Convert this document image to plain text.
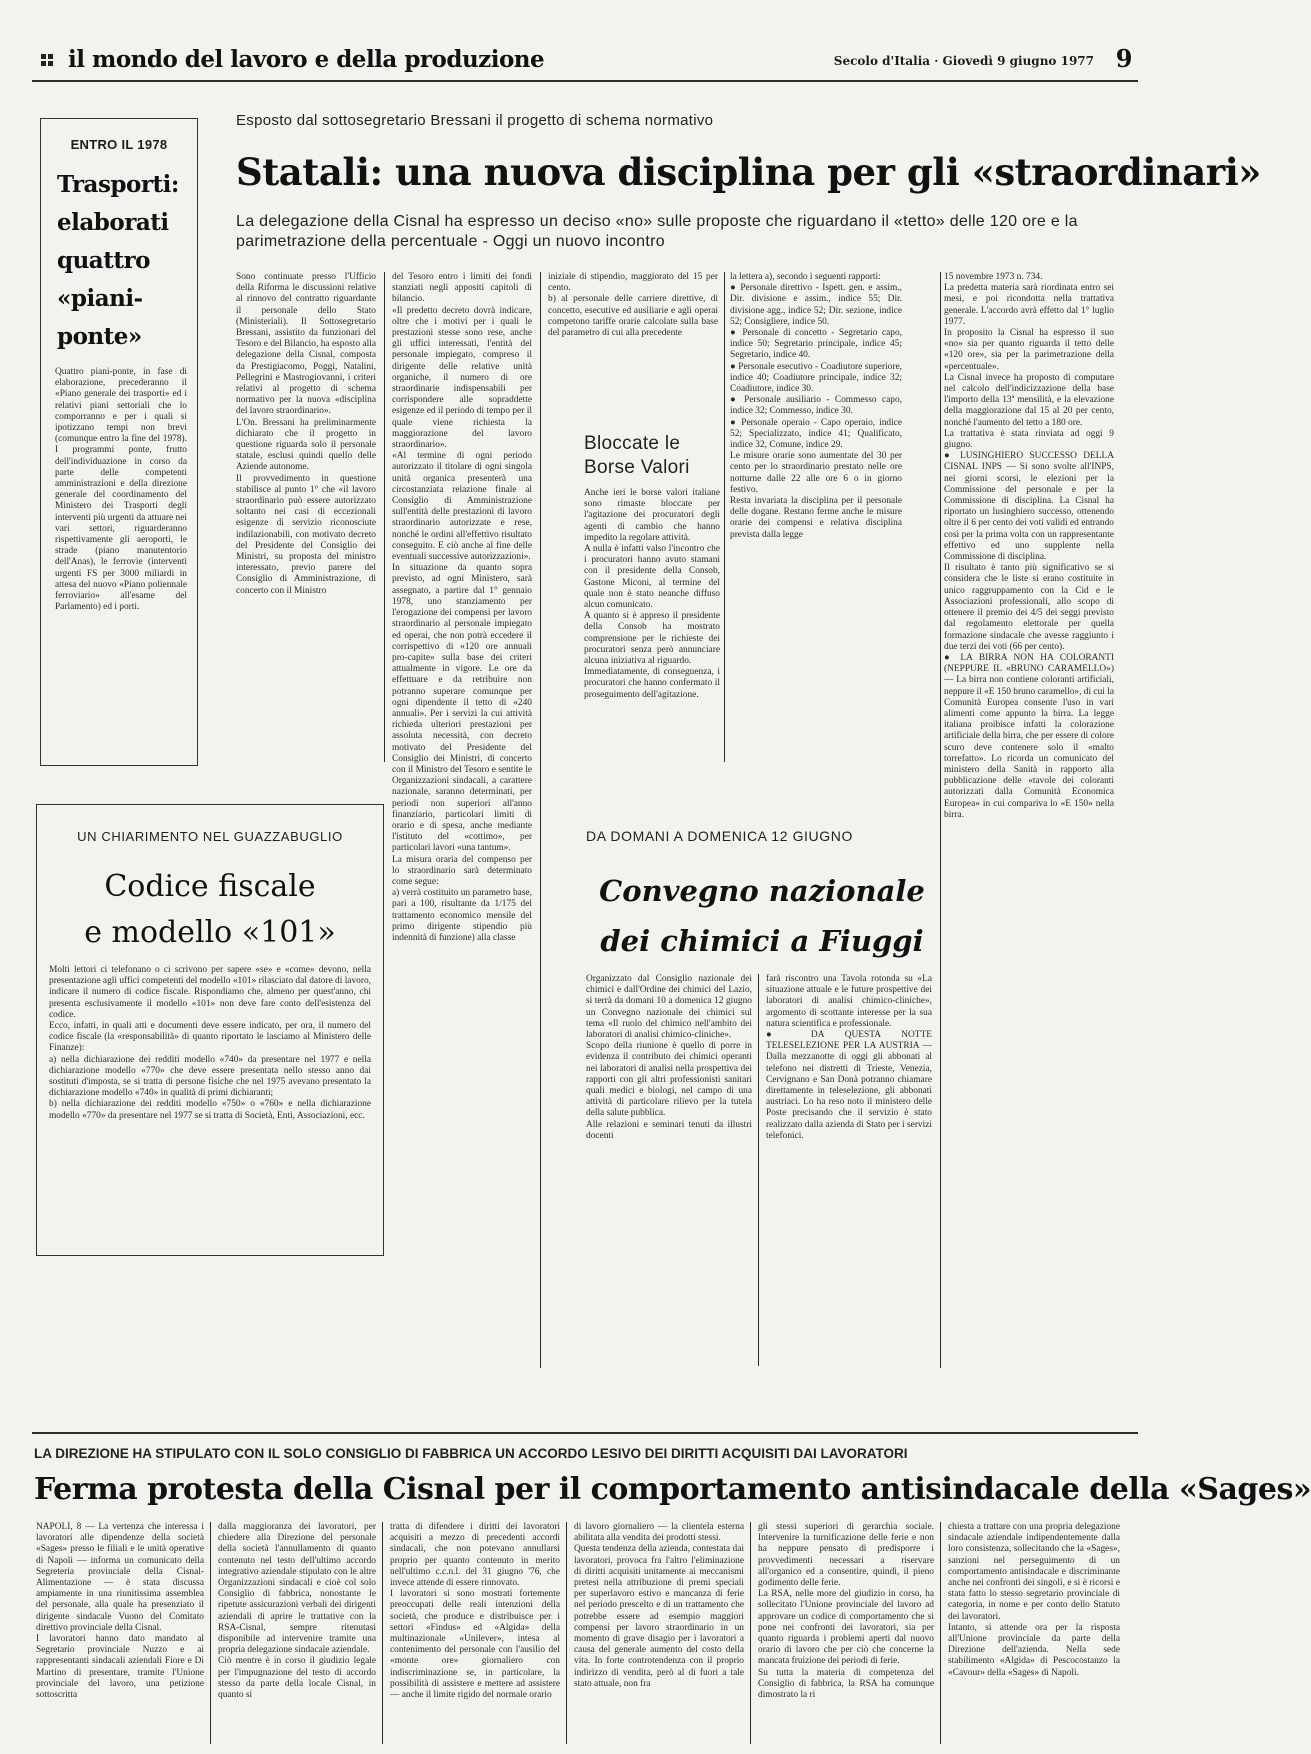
il mondo del lavoro e della produzione	Secolo d'Italia · Giovedì 9 giugno 1977 9
ENTRO IL 1978
Trasporti:
elaborati
quattro
«piani-
ponte»
Quattro piani-ponte, in fase di elaborazione, precederanno il «Piano generale dei trasporti» ed i relativi piani settoriali che lo comporranno e per i quali si ipotizzano tempi non brevi (comunque entro la fine del 1978). I programmi ponte, frutto dell'individuazione in corso da parte delle competenti amministrazioni e della direzione generale del coordinamento del Ministero dei Trasporti degli interventi più urgenti da attuare nei vari settori, riguarderanno rispettivamente gli aeroporti, le strade (piano manutentorio dell'Anas), le ferrovie (interventi urgenti FS per 3000 miliardi in attesa del nuovo «Piano poliennale ferroviario» all'esame del Parlamento) ed i porti.
Esposto dal sottosegretario Bressani il progetto di schema normativo
Statali: una nuova disciplina per gli «straordinari»
La delegazione della Cisnal ha espresso un deciso «no» sulle proposte che riguardano il «tetto» delle 120 ore e la parimetrazione della percentuale - Oggi un nuovo incontro
Sono continuate presso l'Ufficio della Riforma le discussioni relative al rinnovo del contratto riguardante il personale dello Stato (Ministeriali). Il Sottosegretario Bressani, assistito da funzionari del Tesoro e del Bilancio, ha esposto alla delegazione della Cisnal, composta da Prestigiacomo, Poggi, Natalini, Pellegrini e Mastrogiovanni, i criteri relativi al progetto di schema normativo per la nuova «disciplina del lavoro straordinario».
L'On. Bressani ha preliminarmente dichiarato che il progetto in questione riguarda solo il personale statale, esclusi quindi quello delle Aziende autonome.
Il provvedimento in questione stabilisce al punto 1° che «il lavoro straordinario può essere autorizzato soltanto nei casi di eccezionali esigenze di servizio riconosciute indilazionabili, con motivato decreto del Presidente del Consiglio dei Ministri, su proposta del ministro interessato, previo parere del Consiglio di Amministrazione, di concerto con il Ministro
del Tesoro entro i limiti dei fondi stanziati negli appositi capitoli di bilancio.
«Il predetto decreto dovrà indicare, oltre che i motivi per i quali le prestazioni stesse sono rese, anche gli uffici interessati, l'entità del personale impiegato, compreso il dirigente delle relative unità organiche, il numero di ore straordinarie indispensabili per corrispondere alle sopraddette esigenze ed il periodo di tempo per il quale viene richiesta la maggiorazione del lavoro straordinario».
«Al termine di ogni periodo autorizzato il titolare di ogni singola unità organica presenterà una circostanziata relazione finale al Consiglio di Amministrazione sull'entità delle prestazioni di lavoro straordinario autorizzate e rese, nonché le ordini all'effettivo risultato conseguito. E ciò anche al fine delle eventuali successive autorizzazioni».
In situazione da quanto sopra previsto, ad ogni Ministero, sarà assegnato, a partire dal 1° gennaio 1978, uno stanziamento per l'erogazione dei compensi per lavoro straordinario al personale impiegato ed operai, che non potrà eccedere il corrispettivo di «120 ore annuali pro-capite» sulla base dei criteri attualmente in vigore. Le ore da effettuare e da retribuire non potranno superare comunque per ogni dipendente il tetto di «240 annuali». Per i servizi la cui attività richieda ulteriori prestazioni per assoluta necessità, con decreto motivato del Presidente del Consiglio dei Ministri, di concerto con il Ministro del Tesoro e sentite le Organizzazioni sindacali, a carattere nazionale, saranno determinati, per periodi non superiori all'anno finanziario, particolari limiti di orario e di spesa, anche mediante l'istituto del «cottimo», per particolari lavori «una tantum».
La misura oraria del compenso per lo straordinario sarà determinato come segue:
a) verrà costituito un parametro base, pari a 100, risultante da 1/175 del trattamento economico mensile del primo dirigente stipendio più indennità di funzione) alla classe
iniziale di stipendio, maggiorato del 15 per cento.
b) al personale delle carriere direttive, di concetto, esecutive ed ausiliarie e agli operai competono tariffe orarie calcolate sulla base del parametro di cui alla precedente
la lettera a), secondo i seguenti rapporti:
● Personale direttivo - Ispett. gen. e assim., Dir. divisione e assim., indice 55; Dir. divisione agg., indice 52; Dir. sezione, indice 52; Consigliere, indice 50.
● Personale di concetto - Segretario capo, indice 50; Segretario principale, indice 45; Segretario, indice 40.
● Personale esecutivo - Coadiutore superiore, indice 40; Coadiutore principale, indice 32; Coadiutore, indice 30.
● Personale ausiliario - Commesso capo, indice 32; Commesso, indice 30.
● Personale operaio - Capo operaio, indice 52; Specializzato, indice 41; Qualificato, indice 32, Comune, indice 29.
Le misure orarie sono aumentate del 30 per cento per lo straordinario prestato nelle ore notturne dalle 22 alle ore 6 o in giorno festivo.
Resta invariata la disciplina per il personale delle dogane. Restano ferme anche le misure orarie dei compensi e relativa disciplina prevista dalla legge
Bloccate le Borse Valori
Anche ieri le borse valori italiane sono rimaste bloccate per l'agitazione dei procuratori degli agenti di cambio che hanno impedito la regolare attività.
A nulla è infatti valso l'incontro che i procuratori hanno avuto stamani con il presidente della Consob, Gastone Miconi, al termine del quale non è stato neanche diffuso alcun comunicato.
A quanto si è appreso il presidente della Consob ha mostrato comprensione per le richieste dei procuratori senza però annunciare alcuna iniziativa al riguardo.
Immediatamente, di conseguenza, i procuratori che hanno confermato il proseguimento dell'agitazione.
15 novembre 1973 n. 734.
La predetta materia sarà riordinata entro sei mesi, e poi ricondotta nella trattativa generale. L'accordo avrà effetto dal 1° luglio 1977.
In proposito la Cisnal ha espresso il suo «no» sia per quanto riguarda il tetto delle «120 ore», sia per la parimetrazione della «percentuale».
La Cisnal invece ha proposto di computare nel calcolo dell'indicizzazione della base l'importo della 13ª mensilità, e la elevazione della maggiorazione dal 15 al 20 per cento, nonché l'aumento del tetto a 180 ore.
La trattativa è stata rinviata ad oggi 9 giugno.
● LUSINGHIERO SUCCESSO DELLA CISNAL INPS — Si sono svolte all'INPS, nei giorni scorsi, le elezioni per la Commissione del personale e per la Commissione di disciplina. La Cisnal ha riportato un lusinghiero successo, ottenendo oltre il 6 per cento dei voti validi ed entrando così per la prima volta con un rappresentante effettivo ed uno supplente nella Commissione di disciplina.
Il risultato è tanto più significativo se si considera che le liste si erano costituite in unico raggruppamento con la Cid e le Associazioni professionali, allo scopo di ottenere il premio dei 4/5 dei seggi previsto dal regolamento elettorale per quella formazione sindacale che avesse raggiunto i due terzi dei voti (66 per cento).
● LA BIRRA NON HA COLORANTI (NEPPURE IL «BRUNO CARAMELLO») — La birra non contiene coloranti artificiali, neppure il «E 150 bruno caramello», di cui la Comunità Europea consente l'uso in vari alimenti come appunto la birra. La legge italiana proibisce infatti la colorazione artificiale della birra, che per essere di colore scuro deve contenere solo il «malto torrefatto». Lo ricorda un comunicato del ministero della Sanità in rapporto alla pubblicazione delle «tavole dei coloranti autorizzati dalla Comunità Economica Europea» in cui compariva lo «E 150» nella birra.
UN CHIARIMENTO NEL GUAZZABUGLIO
Codice fiscale
e modello «101»
Molti lettori ci telefonano o ci scrivono per sapere «se» e «come» devono, nella presentazione agli uffici competenti del modello «101» rilasciato dal datore di lavoro, indicare il numero di codice fiscale. Rispondiamo che, almeno per quest'anno, chi presenta esclusivamente il modello «101» non deve fare conto dell'esistenza del codice.
Ecco, infatti, in quali atti e documenti deve essere indicato, per ora, il numero del codice fiscale (la «responsabilità» di quanto riportato le lasciamo al Ministero delle Finanze):
a) nella dichiarazione dei redditi modello «740» da presentare nel 1977 e nella dichiarazione modello «770» che deve essere presentata nello stesso anno dai sostituti d'imposta, se si tratta di persone fisiche che nel 1975 avevano presentato la dichiarazione modello «740» in qualità di primi dichiaranti;
b) nella dichiarazione dei redditi modello «750» o «760» e nella dichiarazione modello «770» da presentare nel 1977 se si tratta di Società, Enti, Associazioni, ecc.
DA DOMANI A DOMENICA 12 GIUGNO
Convegno nazionale
dei chimici a Fiuggi
Organizzato dal Consiglio nazionale dei chimici e dall'Ordine dei chimici del Lazio, si terrà da domani 10 a domenica 12 giugno un Convegno nazionale dei chimici sul tema «Il ruolo del chimico nell'ambito dei laboratori di analisi chimico-cliniche».
Scopo della riunione è quello di porre in evidenza il contributo dei chimici operanti nei laboratori di analisi nella prospettiva dei rapporti con gli altri professionisti sanitari quali medici e biologi, nel campo di una attività di particolare rilievo per la tutela della salute pubblica.
Alle relazioni e seminari tenuti da illustri docenti
farà riscontro una Tavola rotonda su «La situazione attuale e le future prospettive dei laboratori di analisi chimico-cliniche», argomento di scottante interesse per la sua natura scientifica e professionale.
● DA QUESTA NOTTE TELESELEZIONE PER LA AUSTRIA — Dalla mezzanotte di oggi gli abbonati al telefono nei distretti di Trieste, Venezia, Cervignano e San Donà potranno chiamare direttamente in teleselezione, gli abbonati austriaci. Lo ha reso noto il ministero delle Poste precisando che il servizio è stato realizzato dalla azienda di Stato per i servizi telefonici.
LA DIREZIONE HA STIPULATO CON IL SOLO CONSIGLIO DI FABBRICA UN ACCORDO LESIVO DEI DIRITTI ACQUISITI DAI LAVORATORI
Ferma protesta della Cisnal per il comportamento antisindacale della «Sages»
NAPOLI, 8 — La vertenza che interessa i lavoratori alle dipendenze della società «Sages» presso le filiali e le unità operative di Napoli — informa un comunicato della Segreteria provinciale della Cisnal-Alimentazione — è stata discussa ampiamente in una riunitissima assemblea del personale, alla quale ha presenziato il dirigente sindacale Vuono del Comitato direttivo provinciale della Cisnal.
I lavoratori hanno dato mandato al Segretario provinciale Nuzzo e ai rappresentanti sindacali aziendali Fiore e Di Martino di presentare, tramite l'Unione provinciale del lavoro, una petizione sottoscritta
dalla maggioranza dei lavoratori, per chiedere alla Direzione del personale della società l'annullamento di quanto contenuto nel testo dell'ultimo accordo integrativo aziendale stipulato con le altre Organizzazioni sindacali e cioè col solo Consiglio di fabbrica, nonostante le ripetute assicurazioni verbali dei dirigenti aziendali di aprire le trattative con la RSA-Cisnal, sempre ritenutasi disponibile ad intervenire tramite una propria delegazione sindacale aziendale.
Ciò mentre è in corso il giudizio legale per l'impugnazione del testo di accordo stesso da parte della locale Cisnal, in quanto si
tratta di difendere i diritti dei lavoratori acquisiti a mezzo di precedenti accordi sindacali, che non potevano annullarsi proprio per quanto contenuto in merito nell'ultimo c.c.n.l. del 31 giugno '76, che invece attende di essere rinnovato.
I lavoratori si sono mostrati fortemente preoccupati delle reali intenzioni della società, che produce e distribuisce per i settori «Findus» ed «Algida» della multinazionale «Unilever», intesa al contenimento del personale con l'ausilio del «monte ore» giornaliero con indiscriminazione se, in particolare, la possibilità di assistere e mettere ad assistere — anche il limite rigido del normale orario
di lavoro giornaliero — la clientela esterna abilitata alla vendita dei prodotti stessi.
Questa tendenza della azienda, contestata dai lavoratori, provoca fra l'altro l'eliminazione di diritti acquisiti unitamente ai meccanismi pretesi nella attribuzione di premi speciali per superlavoro estivo e mancanza di ferie nel periodo prescelto e di un trattamento che potrebbe essere ad esempio maggiori compensi per lavoro straordinario in un momento di grave disagio per i lavoratori a causa del generale aumento del costo della vita. In forte controtendenza con il proprio indirizzo di vendita, però al di fuori a tale stato attuale, non fra
gli stessi superiori di gerarchia sociale. Intervenire la turnificazione delle ferie e non ha neppure pensato di predisporre i provvedimenti necessari a riservare all'organico ed a consentire, quindi, il pieno godimento delle ferie.
La RSA, nelle more del giudizio in corso, ha sollecitato l'Unione provinciale del lavoro ad approvare un codice di comportamento che si pone nei confronti dei lavoratori, sia per quanto riguarda i problemi aperti dal nuovo orario di lavoro che per ciò che concerne la mancata fruizione dei periodi di ferie.
Su tutta la materia di competenza del Consiglio di fabbrica, la RSA ha comunque dimostrato la ri
chiesta a trattare con una propria delegazione sindacale aziendale indipendentemente dalla loro consistenza, sollecitando che la «Sages», sanzioni nel perseguimento di un comportamento antisindacale e discriminante anche nei confronti dei singoli, e si è ricorsi e stata fatto lo stesso segretario provinciale di categoria, in nome e per conto dello Statuto dei lavoratori.
Intanto, si attende ora per la risposta all'Unione provinciale da parte della Direzione dell'azienda. Nella sede stabilimento «Algida» di Pescocostanzo la «Cavour» della «Sages» di Napoli.
